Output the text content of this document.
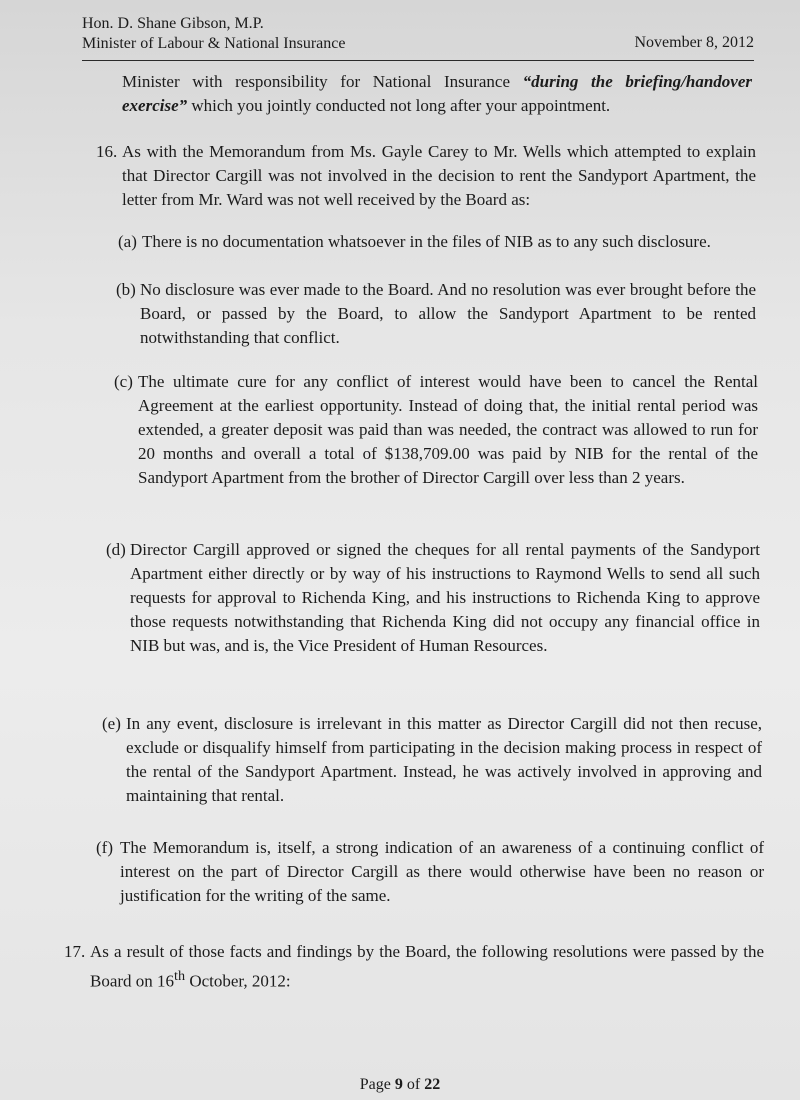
Hon. D. Shane Gibson, M.P.
Minister of Labour & National Insurance	November 8, 2012
Minister with responsibility for National Insurance “during the briefing/handover exercise” which you jointly conducted not long after your appointment.
16. As with the Memorandum from Ms. Gayle Carey to Mr. Wells which attempted to explain that Director Cargill was not involved in the decision to rent the Sandyport Apartment, the letter from Mr. Ward was not well received by the Board as:
(a) There is no documentation whatsoever in the files of NIB as to any such disclosure.
(b) No disclosure was ever made to the Board. And no resolution was ever brought before the Board, or passed by the Board, to allow the Sandyport Apartment to be rented notwithstanding that conflict.
(c) The ultimate cure for any conflict of interest would have been to cancel the Rental Agreement at the earliest opportunity. Instead of doing that, the initial rental period was extended, a greater deposit was paid than was needed, the contract was allowed to run for 20 months and overall a total of $138,709.00 was paid by NIB for the rental of the Sandyport Apartment from the brother of Director Cargill over less than 2 years.
(d) Director Cargill approved or signed the cheques for all rental payments of the Sandyport Apartment either directly or by way of his instructions to Raymond Wells to send all such requests for approval to Richenda King, and his instructions to Richenda King to approve those requests notwithstanding that Richenda King did not occupy any financial office in NIB but was, and is, the Vice President of Human Resources.
(e) In any event, disclosure is irrelevant in this matter as Director Cargill did not then recuse, exclude or disqualify himself from participating in the decision making process in respect of the rental of the Sandyport Apartment. Instead, he was actively involved in approving and maintaining that rental.
(f) The Memorandum is, itself, a strong indication of an awareness of a continuing conflict of interest on the part of Director Cargill as there would otherwise have been no reason or justification for the writing of the same.
17. As a result of those facts and findings by the Board, the following resolutions were passed by the Board on 16th October, 2012:
Page 9 of 22
